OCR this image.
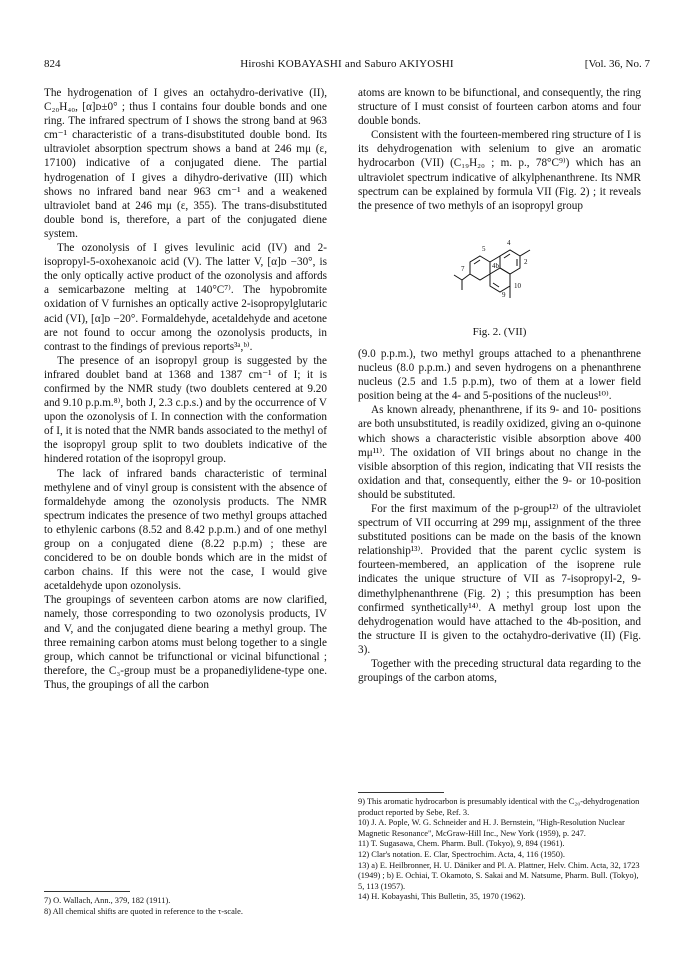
824	Hiroshi KOBAYASHI and Saburo AKIYOSHI	[Vol. 36, No. 7

The hydrogenation of I gives an octahydro-derivative (II), C₂₀H₄₀, [α]ᴅ±0° ; thus I contains four double bonds and one ring. The infrared spectrum of I shows the strong band at 963 cm⁻¹ characteristic of a trans-disubstituted double bond. Its ultraviolet absorption spectrum shows a band at 246 mμ (ε, 17100) indicative of a conjugated diene. The partial hydrogenation of I gives a dihydro-derivative (III) which shows no infrared band near 963 cm⁻¹ and a weakened ultraviolet band at 246 mμ (ε, 355). The trans-disubstituted double bond is, therefore, a part of the conjugated diene system.

The ozonolysis of I gives levulinic acid (IV) and 2-isopropyl-5-oxohexanoic acid (V). The latter V, [α]ᴅ −30°, is the only optically active product of the ozonolysis and affords a semicarbazone melting at 140°C⁷⁾. The hypobromite oxidation of V furnishes an optically active 2-isopropylglutaric acid (VI), [α]ᴅ −20°. Formaldehyde, acetaldehyde and acetone are not found to occur among the ozonolysis products, in contrast to the findings of previous reports³ᵃ,ᵇ⁾.

The presence of an isopropyl group is suggested by the infrared doublet band at 1368 and 1387 cm⁻¹ of I; it is confirmed by the NMR study (two doublets centered at 9.20 and 9.10 p.p.m.⁸⁾, both J, 2.3 c.p.s.) and by the occurrence of V upon the ozonolysis of I. In connection with the conformation of I, it is noted that the NMR bands associated to the methyl of the isopropyl group split to two doublets indicative of the hindered rotation of the isopropyl group.

The lack of infrared bands characteristic of terminal methylene and of vinyl group is consistent with the absence of formaldehyde among the ozonolysis products. The NMR spectrum indicates the presence of two methyl groups attached to ethylenic carbons (8.52 and 8.42 p.p.m.) and of one methyl group on a conjugated diene (8.22 p.p.m) ; these are concidered to be on double bonds which are in the midst of carbon chains. If this were not the case, I would give acetaldehyde upon ozonolysis.

The groupings of seventeen carbon atoms are now clarified, namely, those corresponding to two ozonolysis products, IV and V, and the conjugated diene bearing a methyl group. The three remaining carbon atoms must belong together to a single group, which cannot be trifunctional or vicinal bifunctional ; therefore, the C₃-group must be a propanediylidene-type one. Thus, the groupings of all the carbon

7) O. Wallach, Ann., 379, 182 (1911).

8) All chemical shifts are quoted in reference to the τ-scale.

atoms are known to be bifunctional, and consequently, the ring structure of I must consist of fourteen carbon atoms and four double bonds.

Consistent with the fourteen-membered ring structure of I is its dehydrogenation with selenium to give an aromatic hydrocarbon (VII) (C₁₉H₂₀ ; m. p., 78°C⁹⁾) which has an ultraviolet spectrum indicative of alkylphenanthrene. Its NMR spectrum can be explained by formula VII (Fig. 2) ; it reveals the presence of two methyls of an isopropyl group

4
5
2
4b
7
10
9
Fig. 2. (VII)

(9.0 p.p.m.), two methyl groups attached to a phenanthrene nucleus (8.0 p.p.m.) and seven hydrogens on a phenanthrene nucleus (2.5 and 1.5 p.p.m), two of them at a lower field position being at the 4- and 5-positions of the nucleus¹⁰⁾.

As known already, phenanthrene, if its 9- and 10- positions are both unsubstituted, is readily oxidized, giving an o-quinone which shows a characteristic visible absorption above 400 mμ¹¹⁾. The oxidation of VII brings about no change in the visible absorption of this region, indicating that VII resists the oxidation and that, consequently, either the 9- or 10-position should be substituted.

For the first maximum of the p-group¹²⁾ of the ultraviolet spectrum of VII occurring at 299 mμ, assignment of the three substituted positions can be made on the basis of the known relationship¹³⁾. Provided that the parent cyclic system is fourteen-membered, an application of the isoprene rule indicates the unique structure of VII as 7-isopropyl-2, 9-dimethylphenanthrene (Fig. 2) ; this presumption has been confirmed synthetically¹⁴⁾. A methyl group lost upon the dehydrogenation would have attached to the 4b-position, and the structure II is given to the octahydro-derivative (II) (Fig. 3).

Together with the preceding structural data regarding to the groupings of the carbon atoms,

9) This aromatic hydrocarbon is presumably identical with the C₂₀-dehydrogenation product reported by Sebe, Ref. 3.

10) J. A. Pople, W. G. Schneider and H. J. Bernstein, "High-Resolution Nuclear Magnetic Resonance", McGraw-Hill Inc., New York (1959), p. 247.

11) T. Sugasawa, Chem. Pharm. Bull. (Tokyo), 9, 894 (1961).

12) Clar's notation. E. Clar, Spectrochim. Acta, 4, 116 (1950).

13) a) E. Heilbronner, H. U. Däniker and Pl. A. Plattner, Helv. Chim. Acta, 32, 1723 (1949) ; b) E. Ochiai, T. Okamoto, S. Sakai and M. Natsume, Pharm. Bull. (Tokyo), 5, 113 (1957).

14) H. Kobayashi, This Bulletin, 35, 1970 (1962).
